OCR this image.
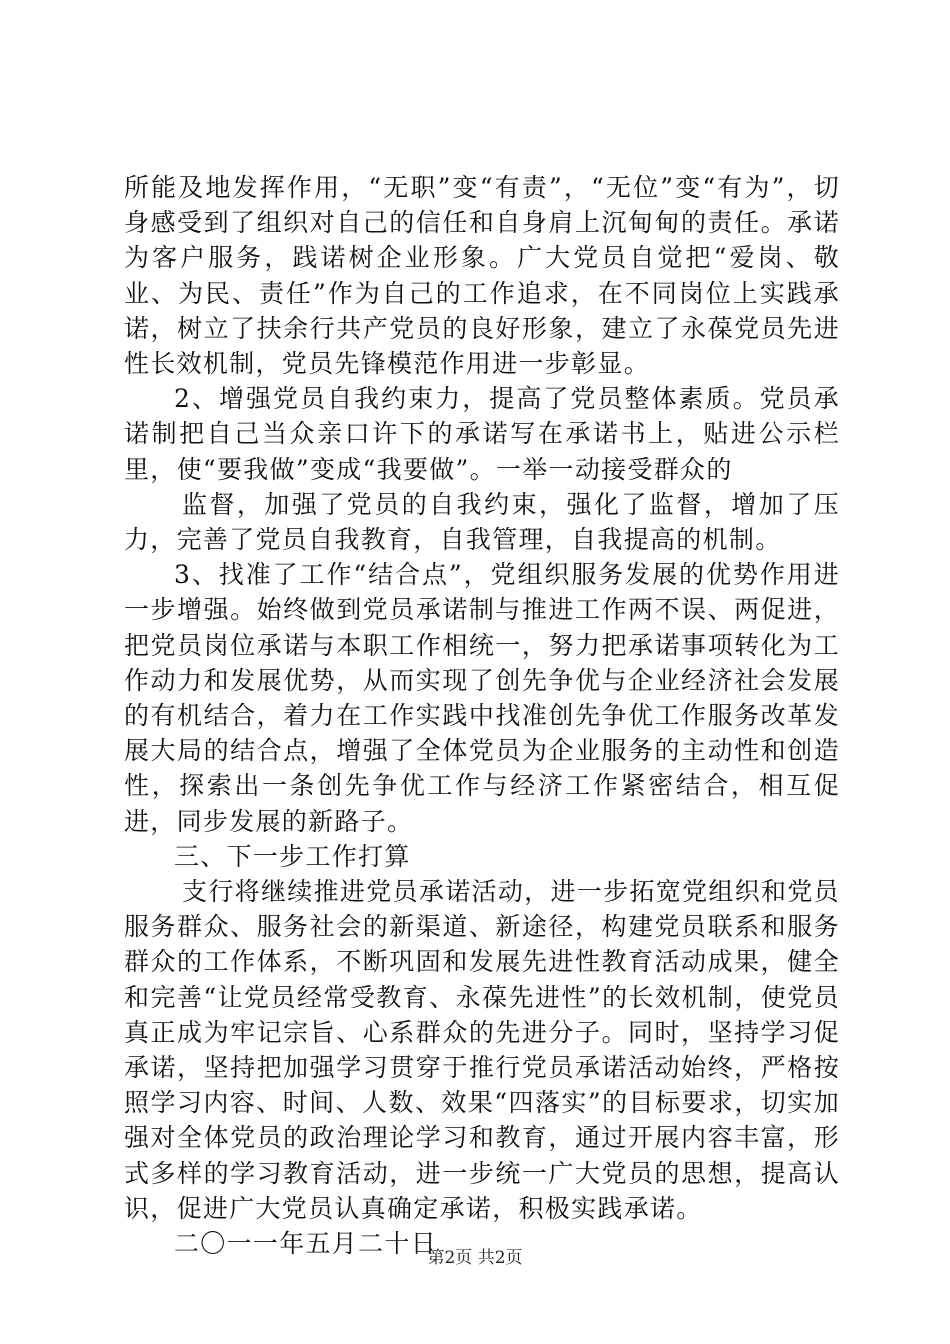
所能及地发挥作用，“无职”变“有责”，“无位”变“有为”，切身感受到了组织对自己的信任和自身肩上沉甸甸的责任。承诺为客户服务，践诺树企业形象。广大党员自觉把“爱岗、敬业、为民、责任”作为自己的工作追求，在不同岗位上实践承诺，树立了扶余行共产党员的良好形象，建立了永葆党员先进性长效机制，党员先锋模范作用进一步彰显。

2、增强党员自我约束力，提高了党员整体素质。党员承诺制把自己当众亲口许下的承诺写在承诺书上，贴进公示栏里，使“要我做”变成“我要做”。一举一动接受群众的

监督，加强了党员的自我约束，强化了监督，增加了压力，完善了党员自我教育，自我管理，自我提高的机制。

3、找准了工作“结合点”，党组织服务发展的优势作用进一步增强。始终做到党员承诺制与推进工作两不误、两促进，把党员岗位承诺与本职工作相统一，努力把承诺事项转化为工作动力和发展优势，从而实现了创先争优与企业经济社会发展的有机结合，着力在工作实践中找准创先争优工作服务改革发展大局的结合点，增强了全体党员为企业服务的主动性和创造性，探索出一条创先争优工作与经济工作紧密结合，相互促进，同步发展的新路子。

三、下一步工作打算

支行将继续推进党员承诺活动，进一步拓宽党组织和党员服务群众、服务社会的新渠道、新途径，构建党员联系和服务群众的工作体系，不断巩固和发展先进性教育活动成果，健全和完善“让党员经常受教育、永葆先进性”的长效机制，使党员真正成为牢记宗旨、心系群众的先进分子。同时，坚持学习促承诺，坚持把加强学习贯穿于推行党员承诺活动始终，严格按照学习内容、时间、人数、效果“四落实”的目标要求，切实加强对全体党员的政治理论学习和教育，通过开展内容丰富，形式多样的学习教育活动，进一步统一广大党员的思想，提高认识，促进广大党员认真确定承诺，积极实践承诺。

二〇一一年五月二十日

第2页 共2页
